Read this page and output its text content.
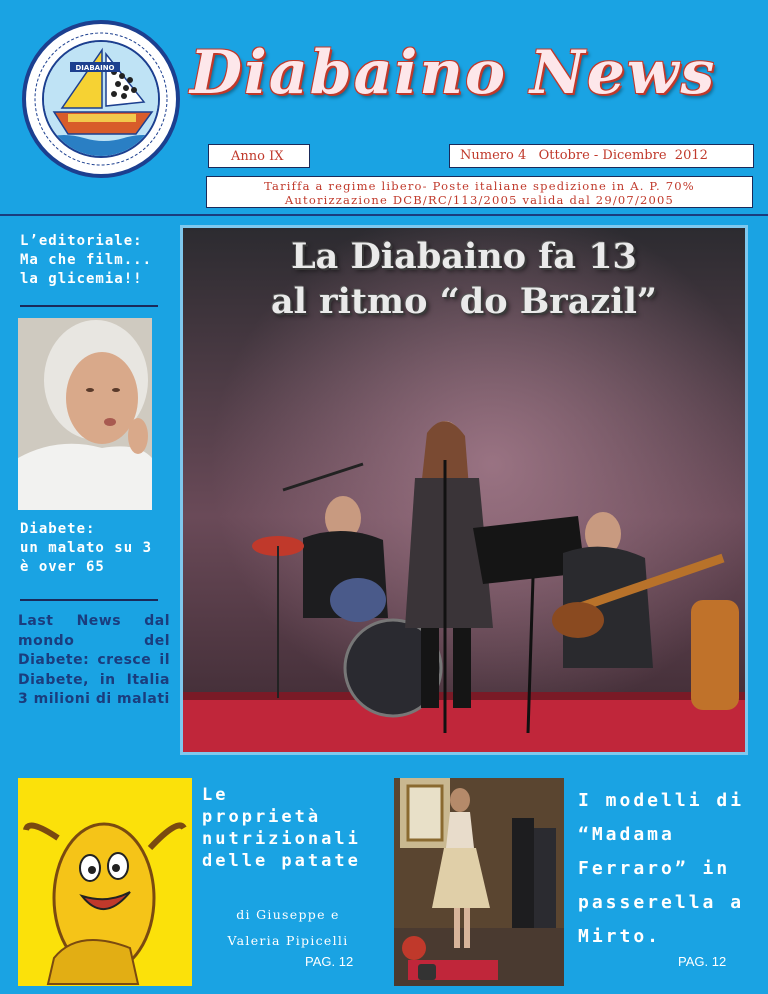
DIABAINO Diabaino News
Anno IX	Numero 4   Ottobre - Dicembre  2012
Tariffa a regime libero- Poste italiane spedizione in A. P. 70%
Autorizzazione DCB/RC/113/2005 valida dal 29/07/2005
L’editoriale:
Ma che film...
la glicemia!!
Diabete:
un malato su 3
è over 65
Last News dal mondo del Diabete: cresce il Diabete, in Italia 3 milioni di malati
La Diabaino fa 13
al ritmo “do Brazil”
Le
proprietà
nutrizionali
delle patate
di Giuseppe e
Valeria Pipicelli
PAG. 12
I modelli di
“Madama
Ferraro” in
passerella a
Mirto.
PAG. 12
